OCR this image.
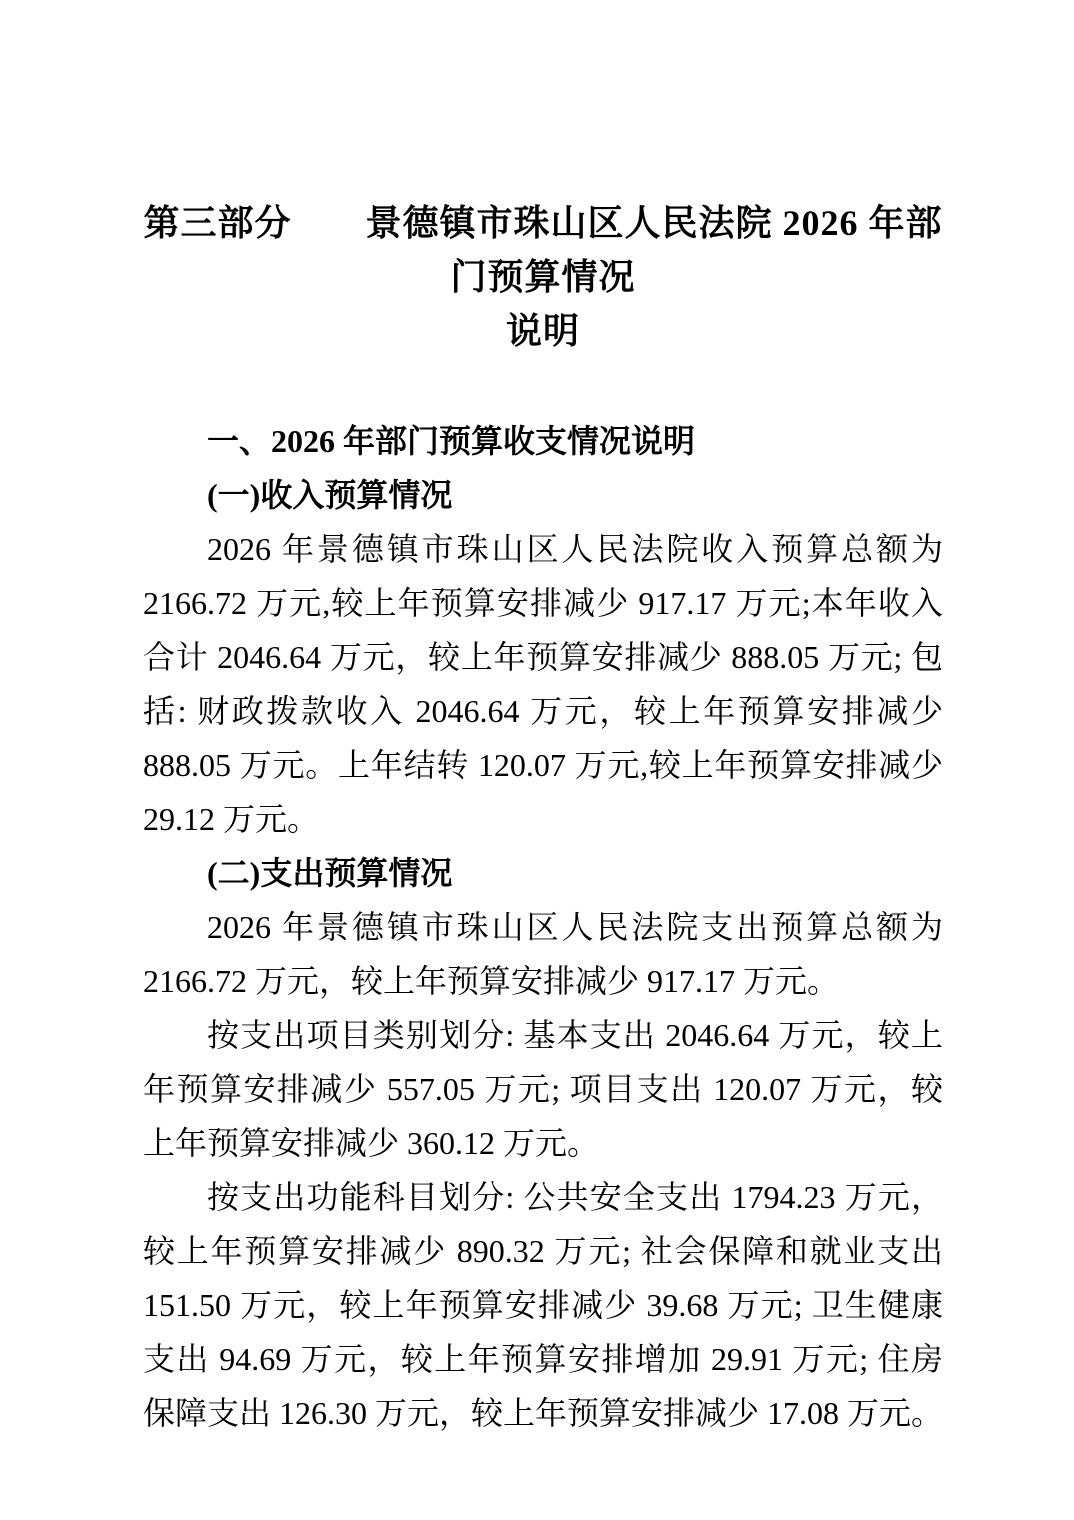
第三部分　　景德镇市珠山区人民法院 2026 年部门预算情况
说明
一、2026 年部门预算收支情况说明
(一)收入预算情况

2026 年景德镇市珠山区人民法院收入预算总额为 2166.72 万元,较上年预算安排减少 917.17 万元;本年收入合计 2046.64 万元，较上年预算安排减少 888.05 万元; 包括: 财政拨款收入 2046.64 万元，较上年预算安排减少 888.05 万元。上年结转 120.07 万元,较上年预算安排减少 29.12 万元。

(二)支出预算情况

2026 年景德镇市珠山区人民法院支出预算总额为 2166.72 万元，较上年预算安排减少 917.17 万元。

按支出项目类别划分: 基本支出 2046.64 万元，较上年预算安排减少 557.05 万元; 项目支出 120.07 万元，较上年预算安排减少 360.12 万元。

按支出功能科目划分: 公共安全支出 1794.23 万元，较上年预算安排减少 890.32 万元; 社会保障和就业支出 151.50 万元，较上年预算安排减少 39.68 万元; 卫生健康支出 94.69 万元，较上年预算安排增加 29.91 万元; 住房保障支出 126.30 万元，较上年预算安排减少 17.08 万元。
